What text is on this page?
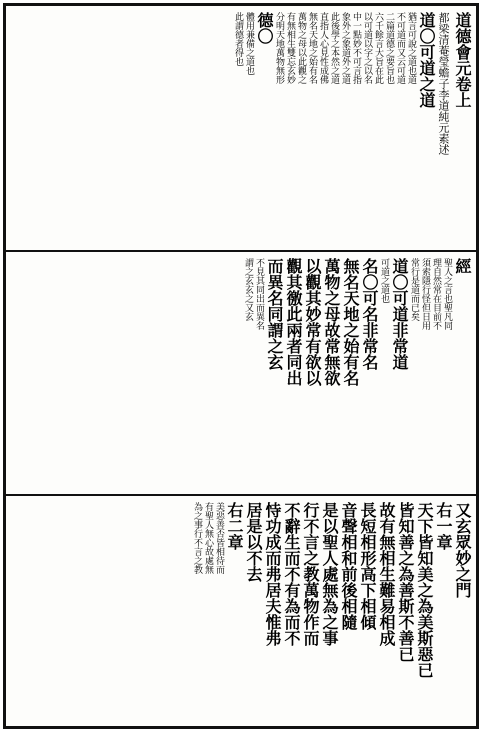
道德會元卷上
都梁清菴瑩蟾子李道純元素述
道〇可道之道
猶言可說之道也道
不可道而又云可道
二篇道德之要旨也
六千餘言大旨在此
以可道以字之以名
中一點妙不可言指
象外之象道外之道
此後學之本然之道
直指人心見性成佛
無名天地之始有名
萬物之母以此觀之
有無相生雙忘玄妙
分明天地萬物無形
德〇
體用兼備之道也
此謂德者得也
經
聖人之言也聖凡同
理自然常在目前不
須索隱行怪但日用
常行是道而已矣
道〇可道非常道
可道之道也
名〇可名非常名
無名天地之始有名
萬物之母故常無欲
以觀其妙常有欲以
觀其徼此兩者同出
而異名同謂之玄
不見其同出而異名
謂之玄玄之又玄
又玄眾妙之門
右一章
天下皆知美之為美斯惡已
皆知善之為善斯不善已
故有無相生難易相成
長短相形高下相傾
音聲相和前後相隨
是以聖人處無為之事
行不言之教萬物作而
不辭生而不有為而不
恃功成而弗居夫惟弗
居是以不去
右二章
美惡善否皆相待而
有聖人無心故處無
為之事行不言之教
